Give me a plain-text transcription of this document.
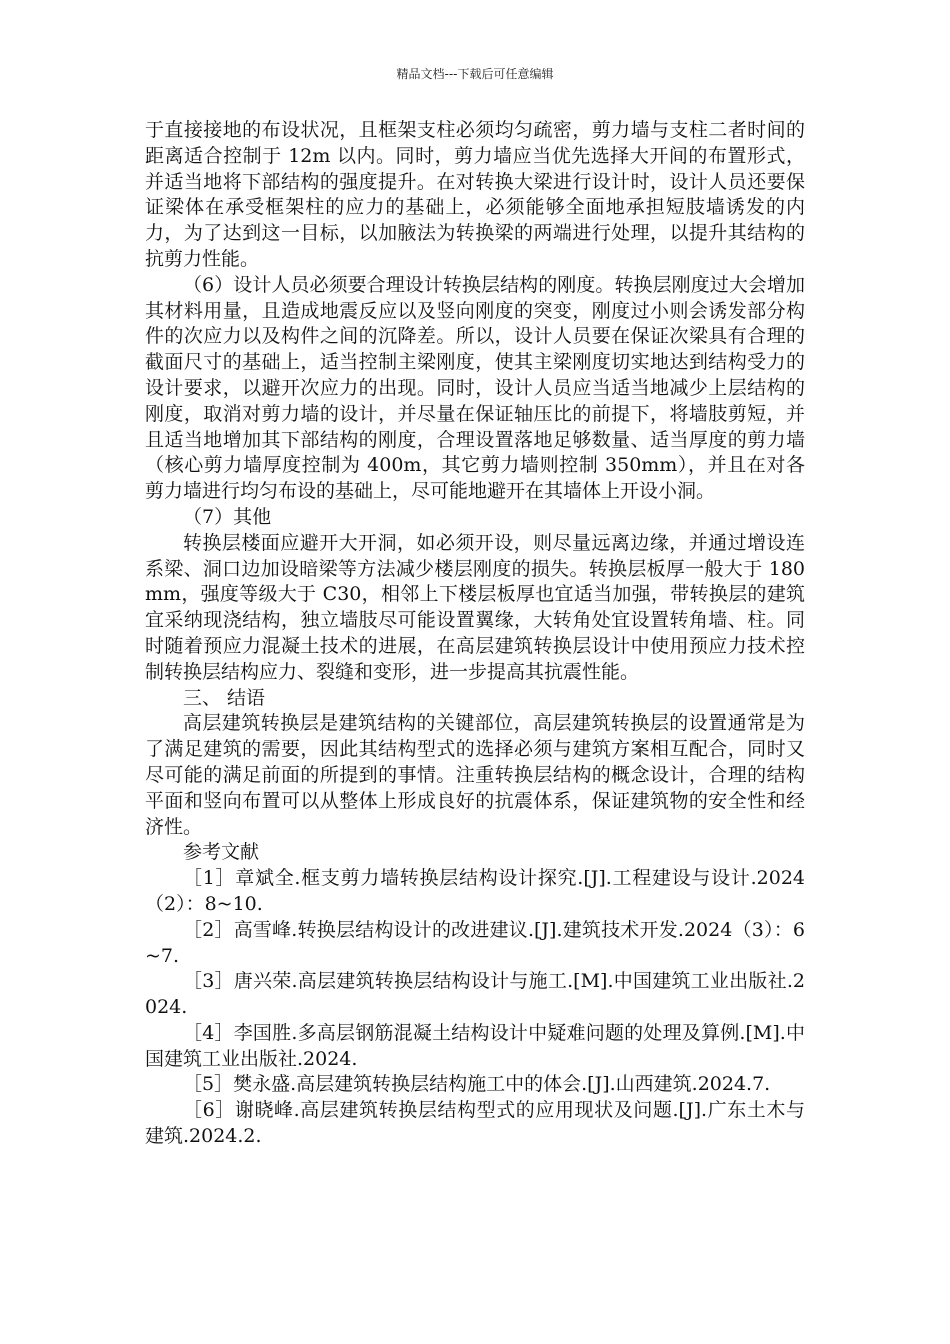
精品文档---下载后可任意编辑

于直接接地的布设状况，且框架支柱必须均匀疏密，剪力墙与支柱二者时间的距离适合控制于 12m 以内。同时，剪力墙应当优先选择大开间的布置形式，并适当地将下部结构的强度提升。在对转换大梁进行设计时，设计人员还要保证梁体在承受框架柱的应力的基础上，必须能够全面地承担短肢墙诱发的内力，为了达到这一目标，以加腋法为转换梁的两端进行处理，以提升其结构的抗剪力性能。

（6）设计人员必须要合理设计转换层结构的刚度。转换层刚度过大会增加其材料用量，且造成地震反应以及竖向刚度的突变，刚度过小则会诱发部分构件的次应力以及构件之间的沉降差。所以，设计人员要在保证次梁具有合理的截面尺寸的基础上，适当控制主梁刚度，使其主梁刚度切实地达到结构受力的设计要求，以避开次应力的出现。同时，设计人员应当适当地减少上层结构的刚度，取消对剪力墙的设计，并尽量在保证轴压比的前提下，将墙肢剪短，并且适当地增加其下部结构的刚度，合理设置落地足够数量、适当厚度的剪力墙（核心剪力墙厚度控制为 400m，其它剪力墙则控制 350mm），并且在对各剪力墙进行均匀布设的基础上，尽可能地避开在其墙体上开设小洞。

（7）其他

转换层楼面应避开大开洞，如必须开设，则尽量远离边缘，并通过增设连系梁、洞口边加设暗梁等方法减少楼层刚度的损失。转换层板厚一般大于 180mm，强度等级大于 C30，相邻上下楼层板厚也宜适当加强，带转换层的建筑宜采纳现浇结构，独立墙肢尽可能设置翼缘，大转角处宜设置转角墙、柱。同时随着预应力混凝土技术的进展，在高层建筑转换层设计中使用预应力技术控制转换层结构应力、裂缝和变形，进一步提高其抗震性能。

三、 结语

高层建筑转换层是建筑结构的关键部位，高层建筑转换层的设置通常是为了满足建筑的需要，因此其结构型式的选择必须与建筑方案相互配合，同时又尽可能的满足前面的所提到的事情。注重转换层结构的概念设计，合理的结构平面和竖向布置可以从整体上形成良好的抗震体系，保证建筑物的安全性和经济性。

参考文献

［1］章斌全.框支剪力墙转换层结构设计探究.[J].工程建设与设计.2024（2）：8~10.

［2］高雪峰.转换层结构设计的改进建议.[J].建筑技术开发.2024（3）：6~7.

［3］唐兴荣.高层建筑转换层结构设计与施工.[M].中国建筑工业出版社.2024.

［4］李国胜.多高层钢筋混凝土结构设计中疑难问题的处理及算例.[M].中国建筑工业出版社.2024.

［5］樊永盛.高层建筑转换层结构施工中的体会.[J].山西建筑.2024.7.

［6］谢晓峰.高层建筑转换层结构型式的应用现状及问题.[J].广东土木与建筑.2024.2.
